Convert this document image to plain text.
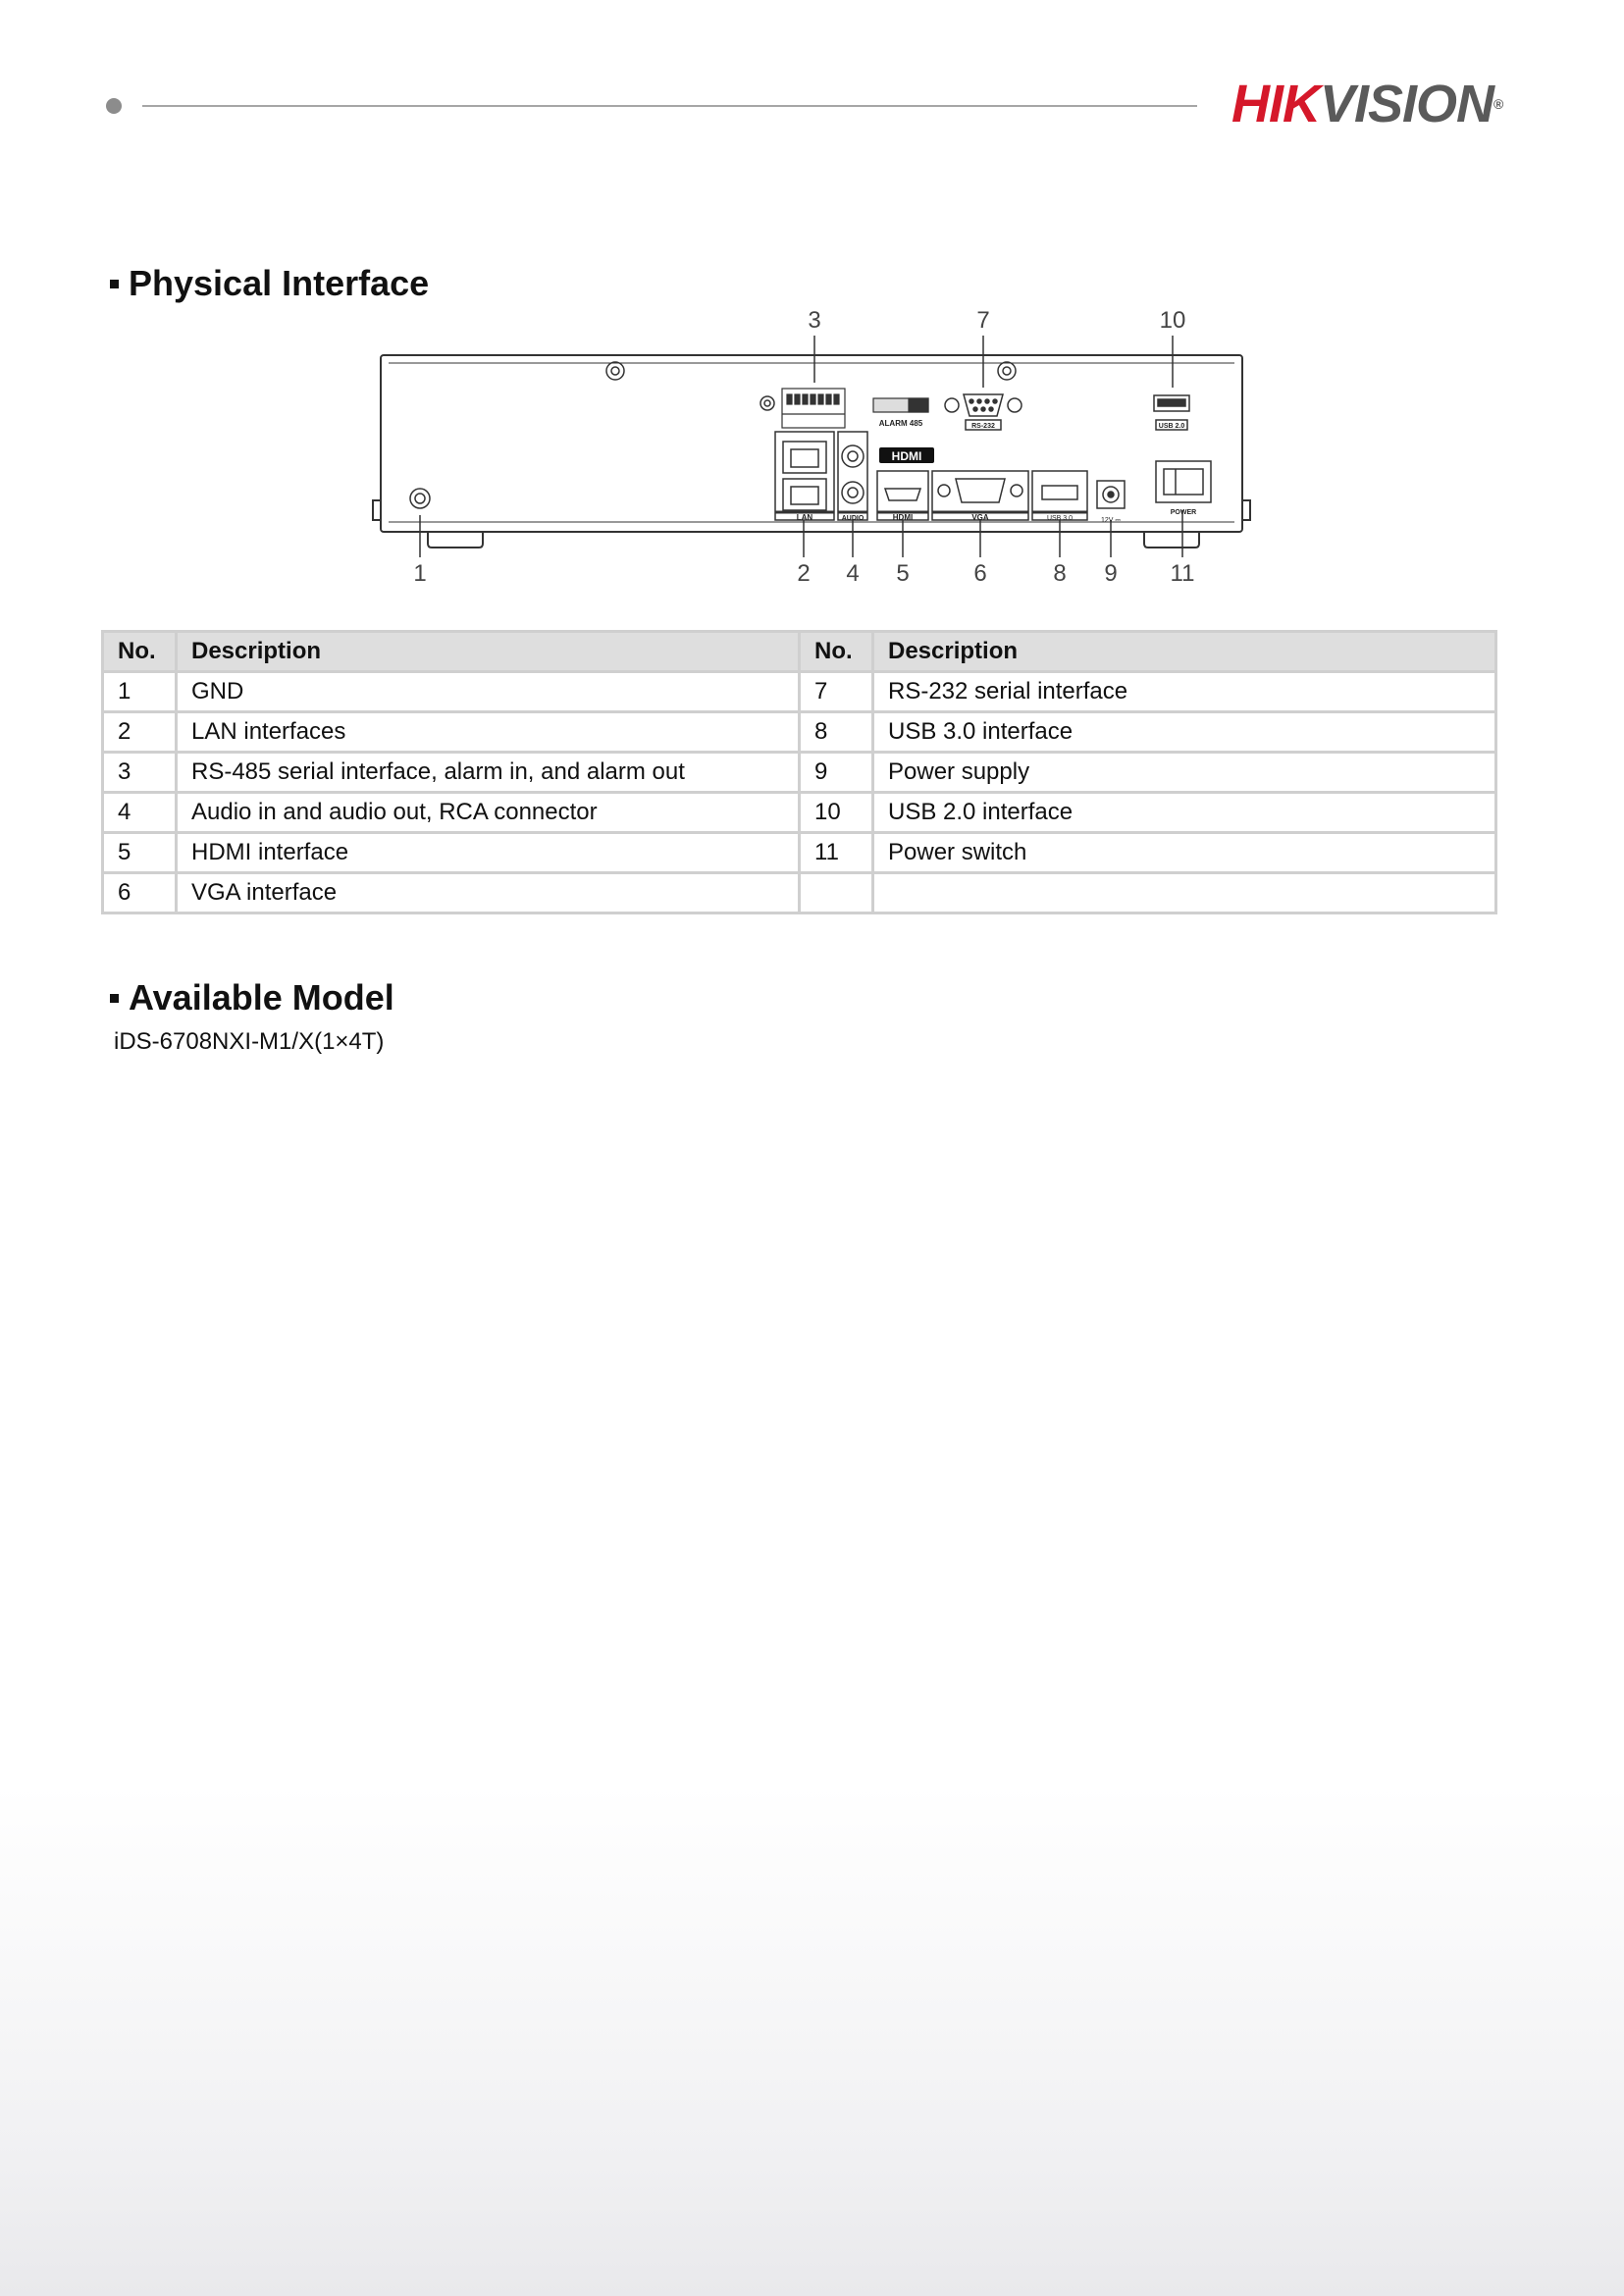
HIKVISION®
Physical Interface
1	2
3
4 5	6
7
8 9
10
11
ALARM 485	RS-232	USB 2.0
LAN	AUDIO
HDMI
HDMI	VGA	USB 3.0	12V ⎓
POWER
No.	Description	No.	Description
1	GND	7	RS-232 serial interface
2	LAN interfaces	8	USB 3.0 interface
3	RS-485 serial interface, alarm in, and alarm out	9	Power supply
4	Audio in and audio out, RCA connector	10	USB 2.0 interface
5	HDMI interface	11	Power switch
6	VGA interface		
Available Model
iDS-6708NXI-M1/X(1×4T)
